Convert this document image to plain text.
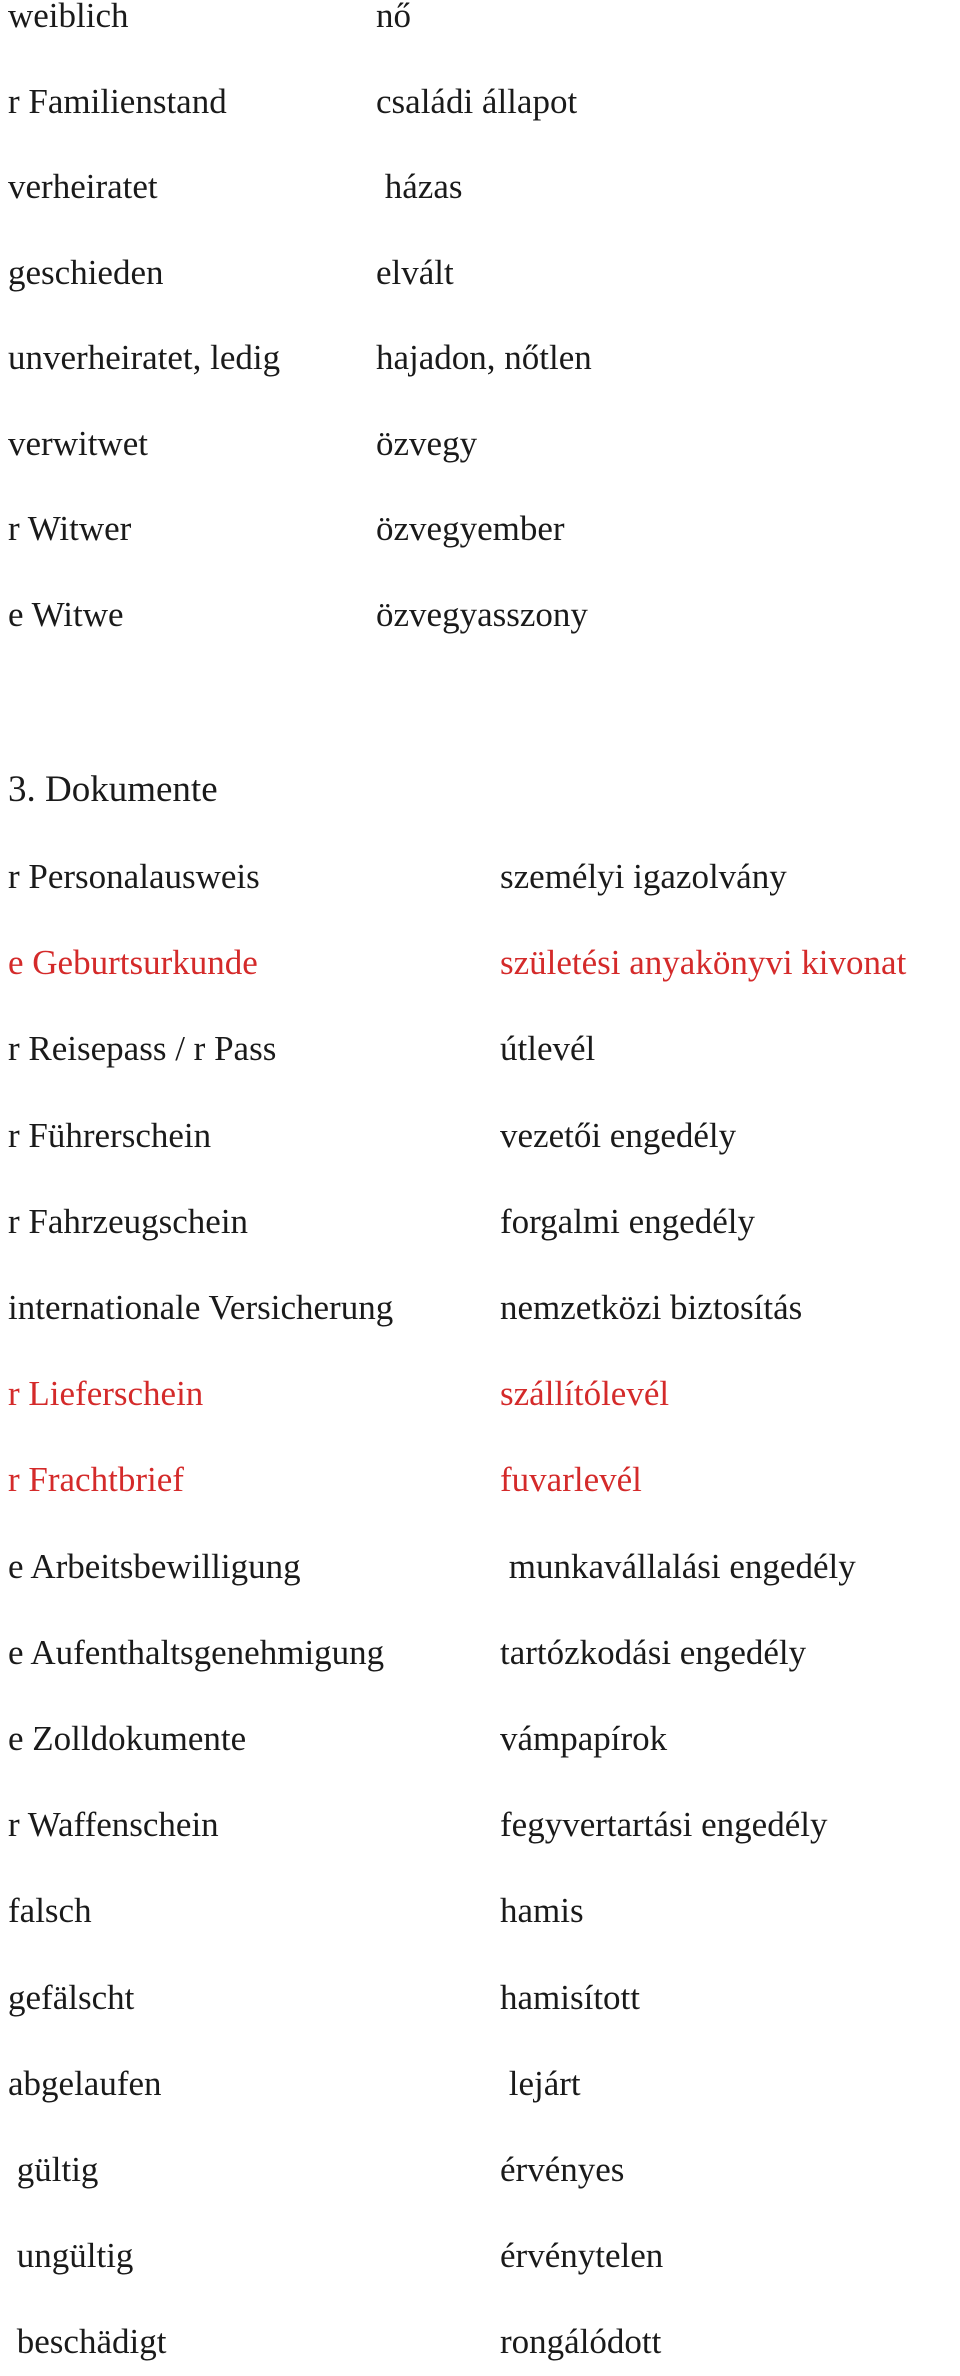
weiblich	nő
r Familienstand	családi állapot
verheiratet	házas
geschieden	elvált
unverheiratet, ledig	hajadon, nőtlen
verwitwet	özvegy
r Witwer	özvegyember
e Witwe	özvegyasszony
3. Dokumente
r Personalausweis	személyi igazolvány
e Geburtsurkunde	születési anyakönyvi kivonat
r Reisepass / r Pass	útlevél
r Führerschein	vezetői engedély
r Fahrzeugschein	forgalmi engedély
internationale Versicherung	nemzetközi biztosítás
r Lieferschein	szállítólevél
r Frachtbrief	fuvarlevél
e Arbeitsbewilligung	munkavállalási engedély
e Aufenthaltsgenehmigung	tartózkodási engedély
e Zolldokumente	vámpapírok
r Waffenschein	fegyvertartási engedély
falsch	hamis
gefälscht	hamisított
abgelaufen	lejárt
gültig	érvényes
ungültig	érvénytelen
beschädigt	rongálódott
